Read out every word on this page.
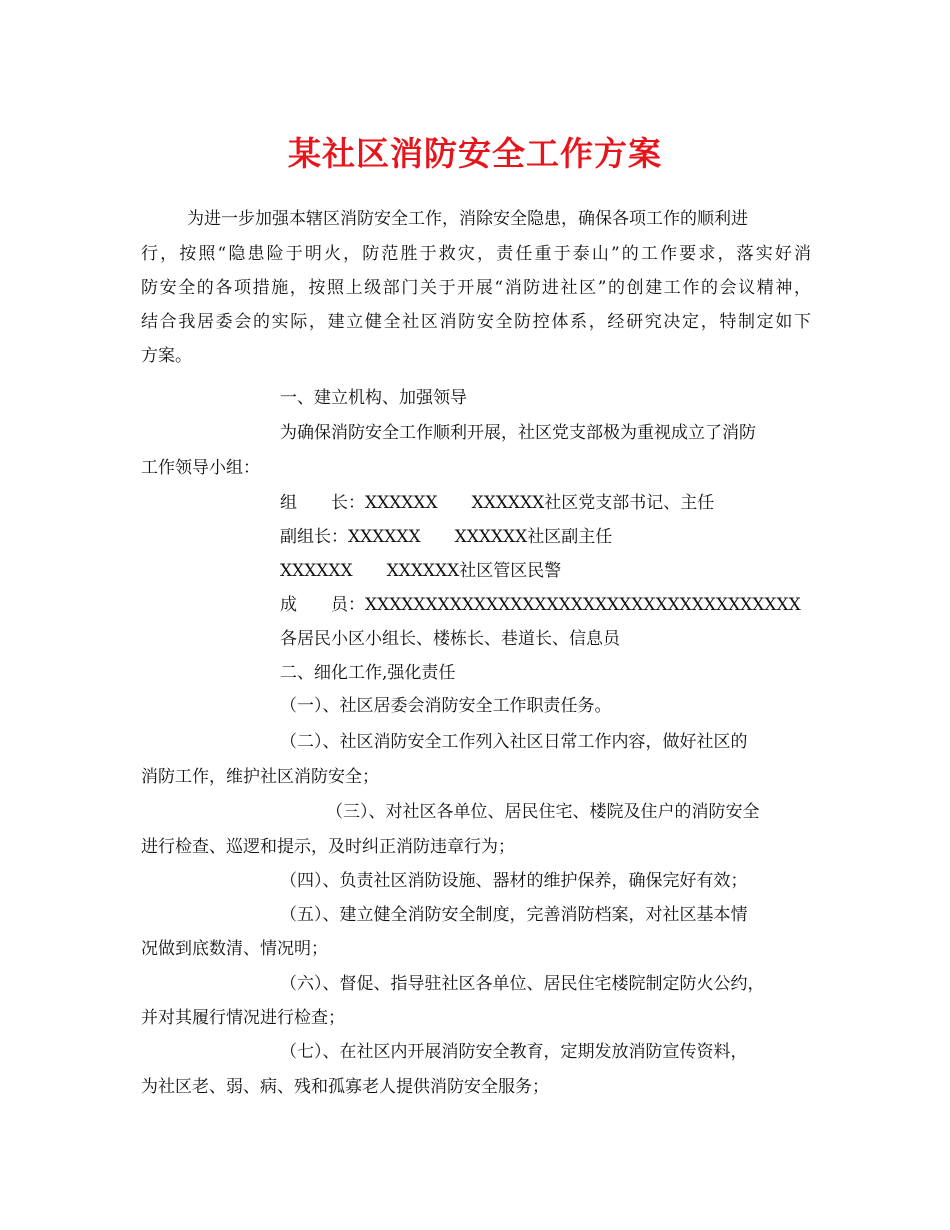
某社区消防安全工作方案
为进一步加强本辖区消防安全工作，消除安全隐患，确保各项工作的顺利进
行，按照“隐患险于明火，防范胜于救灾，责任重于泰山”的工作要求，落实好消
防安全的各项措施，按照上级部门关于开展“消防进社区”的创建工作的会议精神，
结合我居委会的实际，建立健全社区消防安全防控体系，经研究决定，特制定如下
方案。
一、建立机构、加强领导
为确保消防安全工作顺利开展，社区党支部极为重视成立了消防
工作领导小组：
组　　长：XXXXXX　　XXXXXX社区党支部书记、主任
副组长：XXXXXX　　XXXXXX社区副主任
XXXXXX　　XXXXXX社区管区民警
成　　员：XXXXXXXXXXXXXXXXXXXXXXXXXXXXXXXXXXXX
各居民小区小组长、楼栋长、巷道长、信息员
二、细化工作,强化责任
（一）、社区居委会消防安全工作职责任务。
（二）、社区消防安全工作列入社区日常工作内容，做好社区的
消防工作，维护社区消防安全；
（三）、对社区各单位、居民住宅、楼院及住户的消防安全
进行检查、巡逻和提示，及时纠正消防违章行为；
（四）、负责社区消防设施、器材的维护保养，确保完好有效；
（五）、建立健全消防安全制度，完善消防档案，对社区基本情
况做到底数清、情况明；
（六）、督促、指导驻社区各单位、居民住宅楼院制定防火公约，
并对其履行情况进行检查；
（七）、在社区内开展消防安全教育，定期发放消防宣传资料，
为社区老、弱、病、残和孤寡老人提供消防安全服务；
